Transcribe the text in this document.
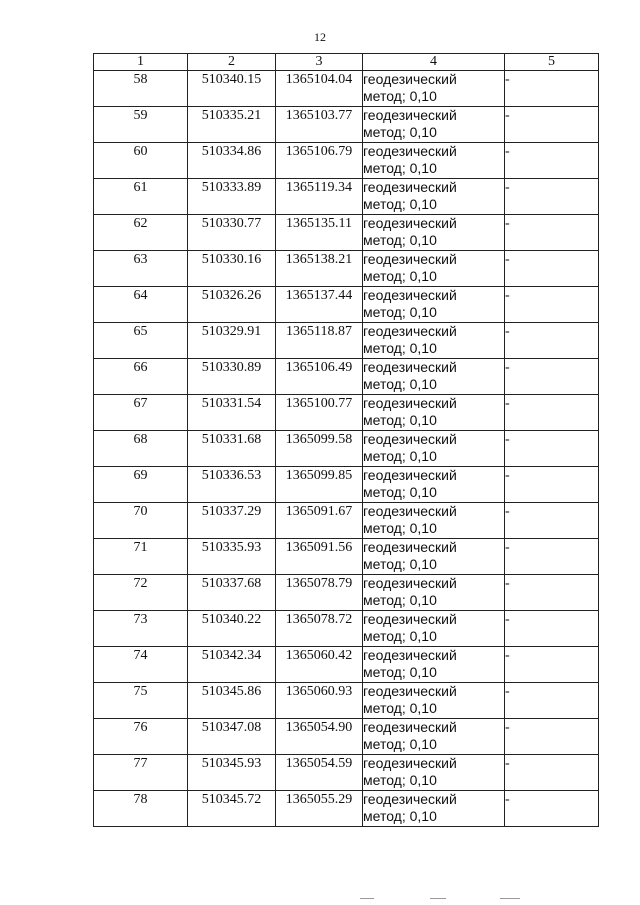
12
1	2	3	4	5
58	510340.15	1365104.04	геодезический
метод; 0,10	-
59	510335.21	1365103.77	геодезический
метод; 0,10	-
60	510334.86	1365106.79	геодезический
метод; 0,10	-
61	510333.89	1365119.34	геодезический
метод; 0,10	-
62	510330.77	1365135.11	геодезический
метод; 0,10	-
63	510330.16	1365138.21	геодезический
метод; 0,10	-
64	510326.26	1365137.44	геодезический
метод; 0,10	-
65	510329.91	1365118.87	геодезический
метод; 0,10	-
66	510330.89	1365106.49	геодезический
метод; 0,10	-
67	510331.54	1365100.77	геодезический
метод; 0,10	-
68	510331.68	1365099.58	геодезический
метод; 0,10	-
69	510336.53	1365099.85	геодезический
метод; 0,10	-
70	510337.29	1365091.67	геодезический
метод; 0,10	-
71	510335.93	1365091.56	геодезический
метод; 0,10	-
72	510337.68	1365078.79	геодезический
метод; 0,10	-
73	510340.22	1365078.72	геодезический
метод; 0,10	-
74	510342.34	1365060.42	геодезический
метод; 0,10	-
75	510345.86	1365060.93	геодезический
метод; 0,10	-
76	510347.08	1365054.90	геодезический
метод; 0,10	-
77	510345.93	1365054.59	геодезический
метод; 0,10	-
78	510345.72	1365055.29	геодезический
метод; 0,10	-
